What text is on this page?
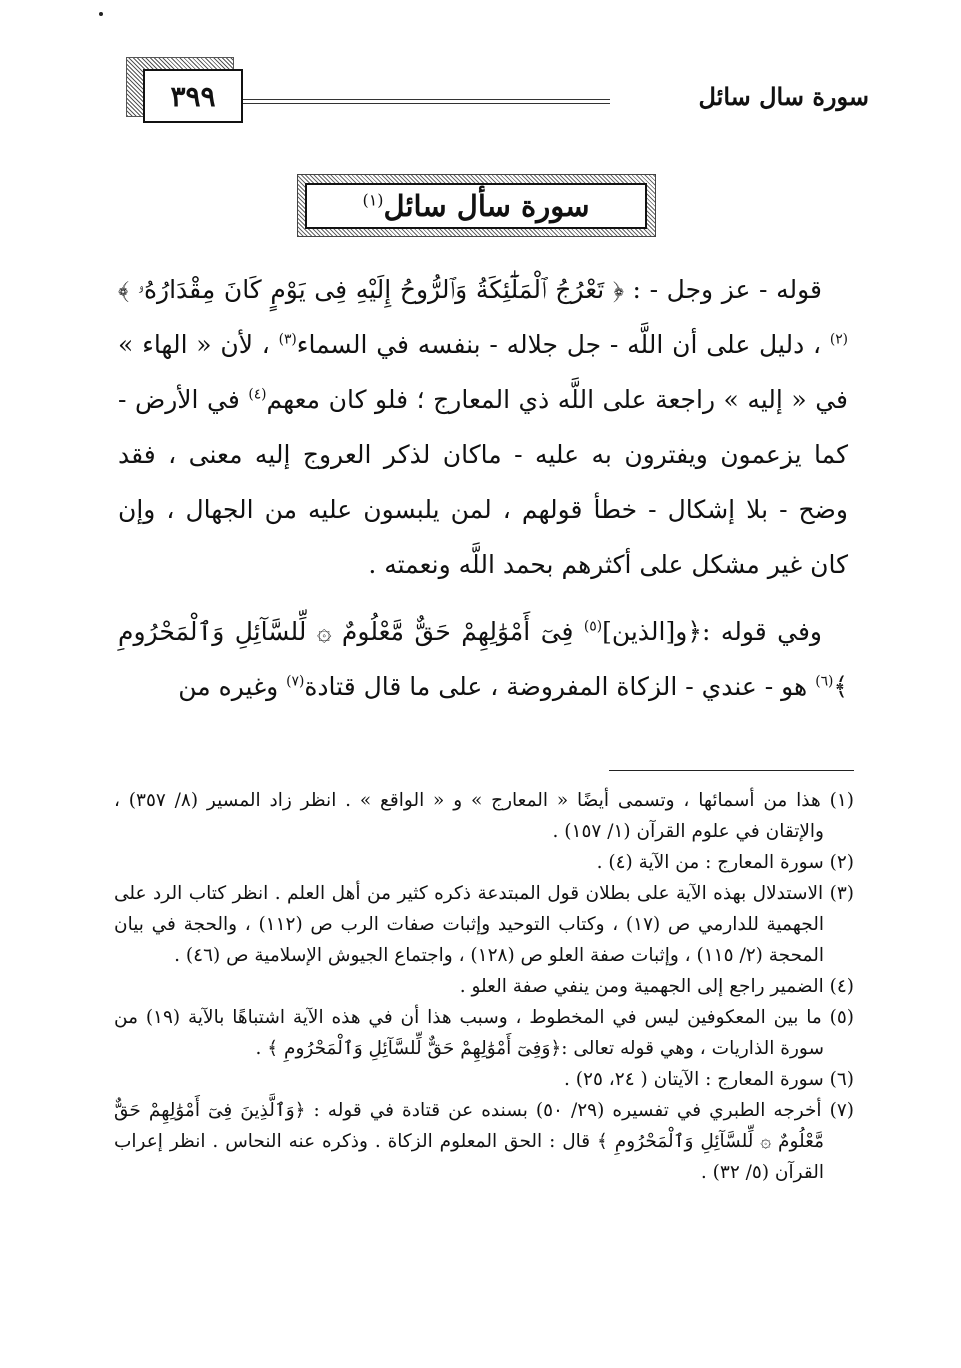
سورة سال سائل
٣٩٩
سورة سأل سائل$^{(١)}$

قوله - عز وجل - : ﴿ تَعْرُجُ ٱلْمَلَٰٓئِكَةُ وَٱلرُّوحُ إِلَيْهِ فِى يَوْمٍ كَانَ مِقْدَارُهُۥ ﴾$^{(٢)}$ ، دليل على أن اللَّه - جل جلاله - بنفسه في السماء$^{(٣)}$ ، لأن « الهاء » في « إليه » راجعة على اللَّه ذي المعارج ؛ فلو كان معهم$^{(٤)}$ في الأرض - كما يزعمون ويفترون به عليه - ماكان لذكر العروج إليه معنى ، فقد وضح - بلا إشكال - خطأ قولهم ، لمن يلبسون عليه من الجهال ، وإن كان غير مشكل على أكثرهم بحمد اللَّه ونعمته .

وفي قوله :﴿و[الذين]$^{(٥)}$ فِىٓ أَمْوَٰلِهِمْ حَقٌّ مَّعْلُومٌ ۞ لِّلسَّآئِلِ وَٱلْمَحْرُومِ ﴾$^{(٦)}$ هو - عندي - الزكاة المفروضة ، على ما قال قتادة$^{(٧)}$ وغيره من

(١) هذا من أسمائها ، وتسمى أيضًا « المعارج » و « الواقع » . انظر زاد المسير (٨/ ٣٥٧) ، والإتقان في علوم القرآن (١/ ١٥٧) .
(٢) سورة المعارج : من الآية (٤) .
(٣) الاستدلال بهذه الآية على بطلان قول المبتدعة ذكره كثير من أهل العلم . انظر كتاب الرد على الجهمية للدارمي ص (١٧) ، وكتاب التوحيد وإثبات صفات الرب ص (١١٢) ، والحجة في بيان المحجة (٢/ ١١٥) ، وإثبات صفة العلو ص (١٢٨) ، واجتماع الجيوش الإسلامية ص (٤٦) .
(٤) الضمير راجع إلى الجهمية ومن ينفي صفة العلو .
(٥) ما بين المعكوفين ليس في المخطوط ، وسبب هذا أن في هذه الآية اشتباهًا بالآية (١٩) من سورة الذاريات ، وهي قوله تعالى :﴿وَفِىٓ أَمْوَٰلِهِمْ حَقٌّ لِّلسَّآئِلِ وَٱلْمَحْرُومِ ﴾ .
(٦) سورة المعارج : الآيتان ( ٢٤، ٢٥) .
(٧) أخرجه الطبري في تفسيره (٢٩/ ٥٠) بسنده عن قتادة في قوله : ﴿وَٱلَّذِينَ فِىٓ أَمْوَٰلِهِمْ حَقٌّ مَّعْلُومٌ ۞ لِّلسَّآئِلِ وَٱلْمَحْرُومِ ﴾ قال : الحق المعلوم الزكاة . وذكره عنه النحاس . انظر إعراب القرآن (٥/ ٣٢) .
